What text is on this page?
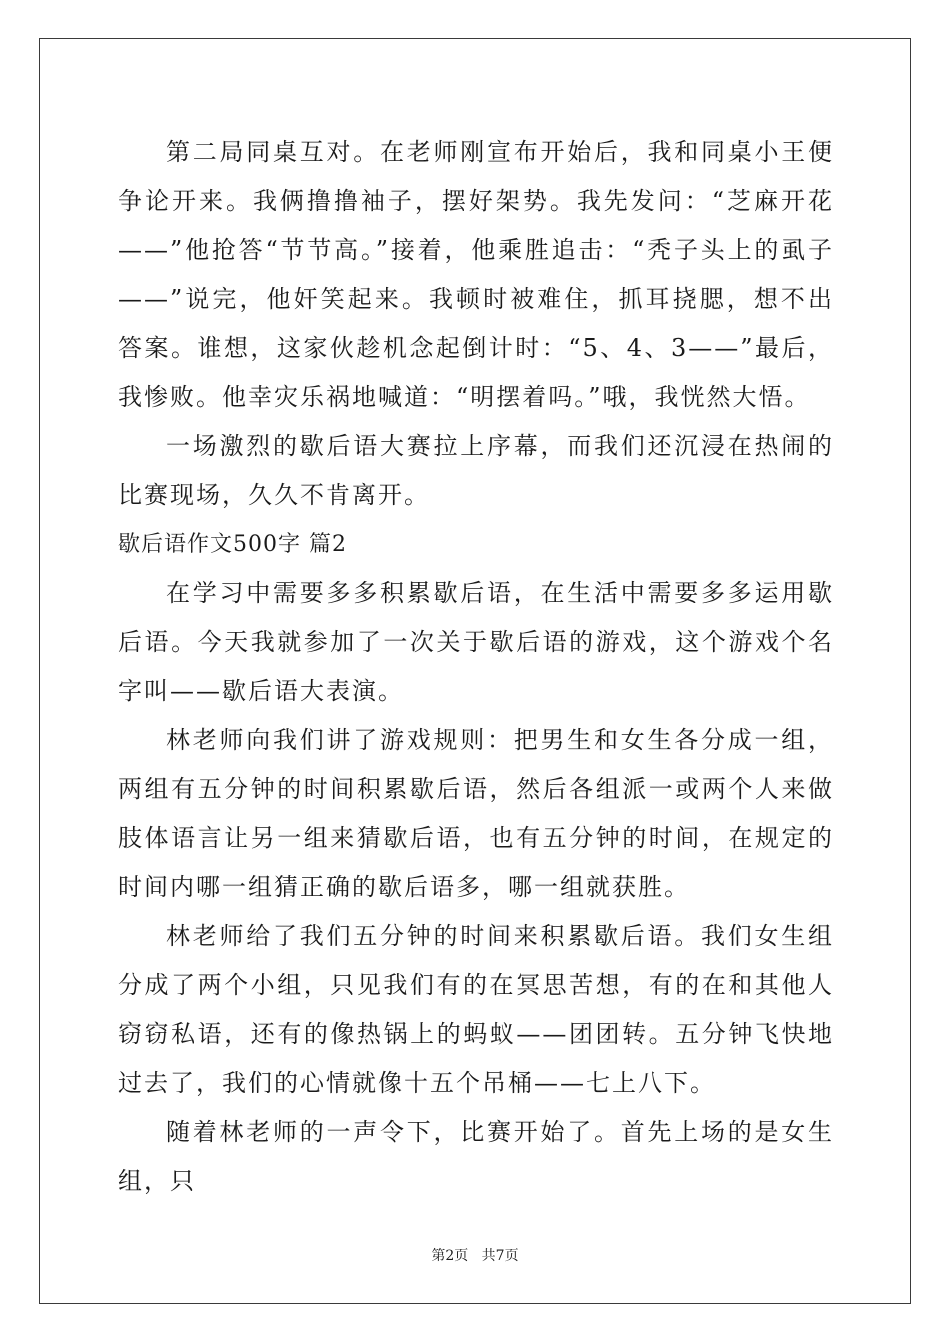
第二局同桌互对。在老师刚宣布开始后，我和同桌小王便争论开来。我俩撸撸袖子，摆好架势。我先发问：“芝麻开花——”他抢答“节节高。”接着，他乘胜追击：“秃子头上的虱子——”说完，他奸笑起来。我顿时被难住，抓耳挠腮，想不出答案。谁想，这家伙趁机念起倒计时：“5、4、3——”最后，我惨败。他幸灾乐祸地喊道：“明摆着吗。”哦，我恍然大悟。

一场激烈的歇后语大赛拉上序幕，而我们还沉浸在热闹的比赛现场，久久不肯离开。

歇后语作文500字 篇2

在学习中需要多多积累歇后语，在生活中需要多多运用歇后语。今天我就参加了一次关于歇后语的游戏，这个游戏个名字叫——歇后语大表演。

林老师向我们讲了游戏规则：把男生和女生各分成一组，两组有五分钟的时间积累歇后语，然后各组派一或两个人来做肢体语言让另一组来猜歇后语，也有五分钟的时间，在规定的时间内哪一组猜正确的歇后语多，哪一组就获胜。

林老师给了我们五分钟的时间来积累歇后语。我们女生组分成了两个小组，只见我们有的在冥思苦想，有的在和其他人窃窃私语，还有的像热锅上的蚂蚁——团团转。五分钟飞快地过去了，我们的心情就像十五个吊桶——七上八下。

随着林老师的一声令下，比赛开始了。首先上场的是女生组，只

第2页 共7页
